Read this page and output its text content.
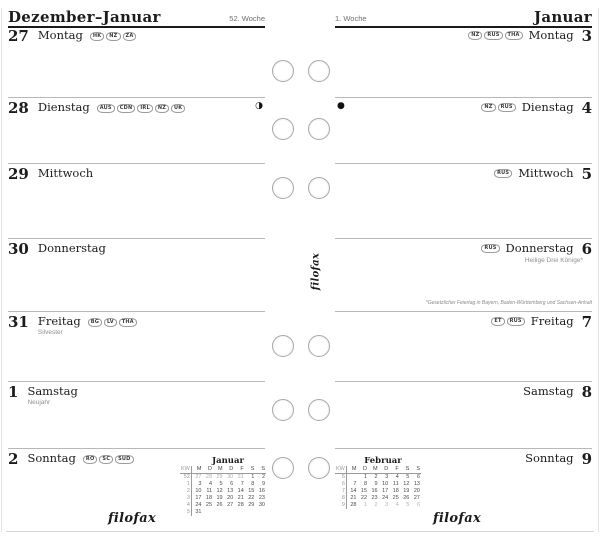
Dezember–Januar	52. Woche
Januar
KW	M	D	M	D	F	S	S
52	27	28	29	30	31	1	2
1	3	4	5	6	7	8	9
2	10	11	12	13	14	15	16
3	17	18	19	20	21	22	23
4	24	25	26	27	28	29	30
5	31						
filofax
27 Montag	HK	NZ	ZA
◑
28 Dienstag	AUS	CDN	IRL	NZ	UK
29 Mittwoch
30 Donnerstag
31 Freitag	BG	LV	THA
Silvester
1 Samstag
Neujahr
2 Sonntag	RO	SC	SUD
1. Woche	Januar
Februar
KW	M	D	M	D	F	S	S
5		1	2	3	4	5	6
6	7	8	9	10	11	12	13
7	14	15	16	17	18	19	20
8	21	22	23	24	25	26	27
9	28	1	2	3	4	5	6
filofax
NZ	RUS	THA Montag 3
NZ	RUS Dienstag 4
●
RUS Mittwoch 5
RUS Donnerstag 6
Heilige Drei Könige*
*Gesetzlicher Feiertag in Bayern, Baden-Württemberg und Sachsen-Anhalt
ET	RUS Freitag 7
Samstag 8
Sonntag 9
filofax
